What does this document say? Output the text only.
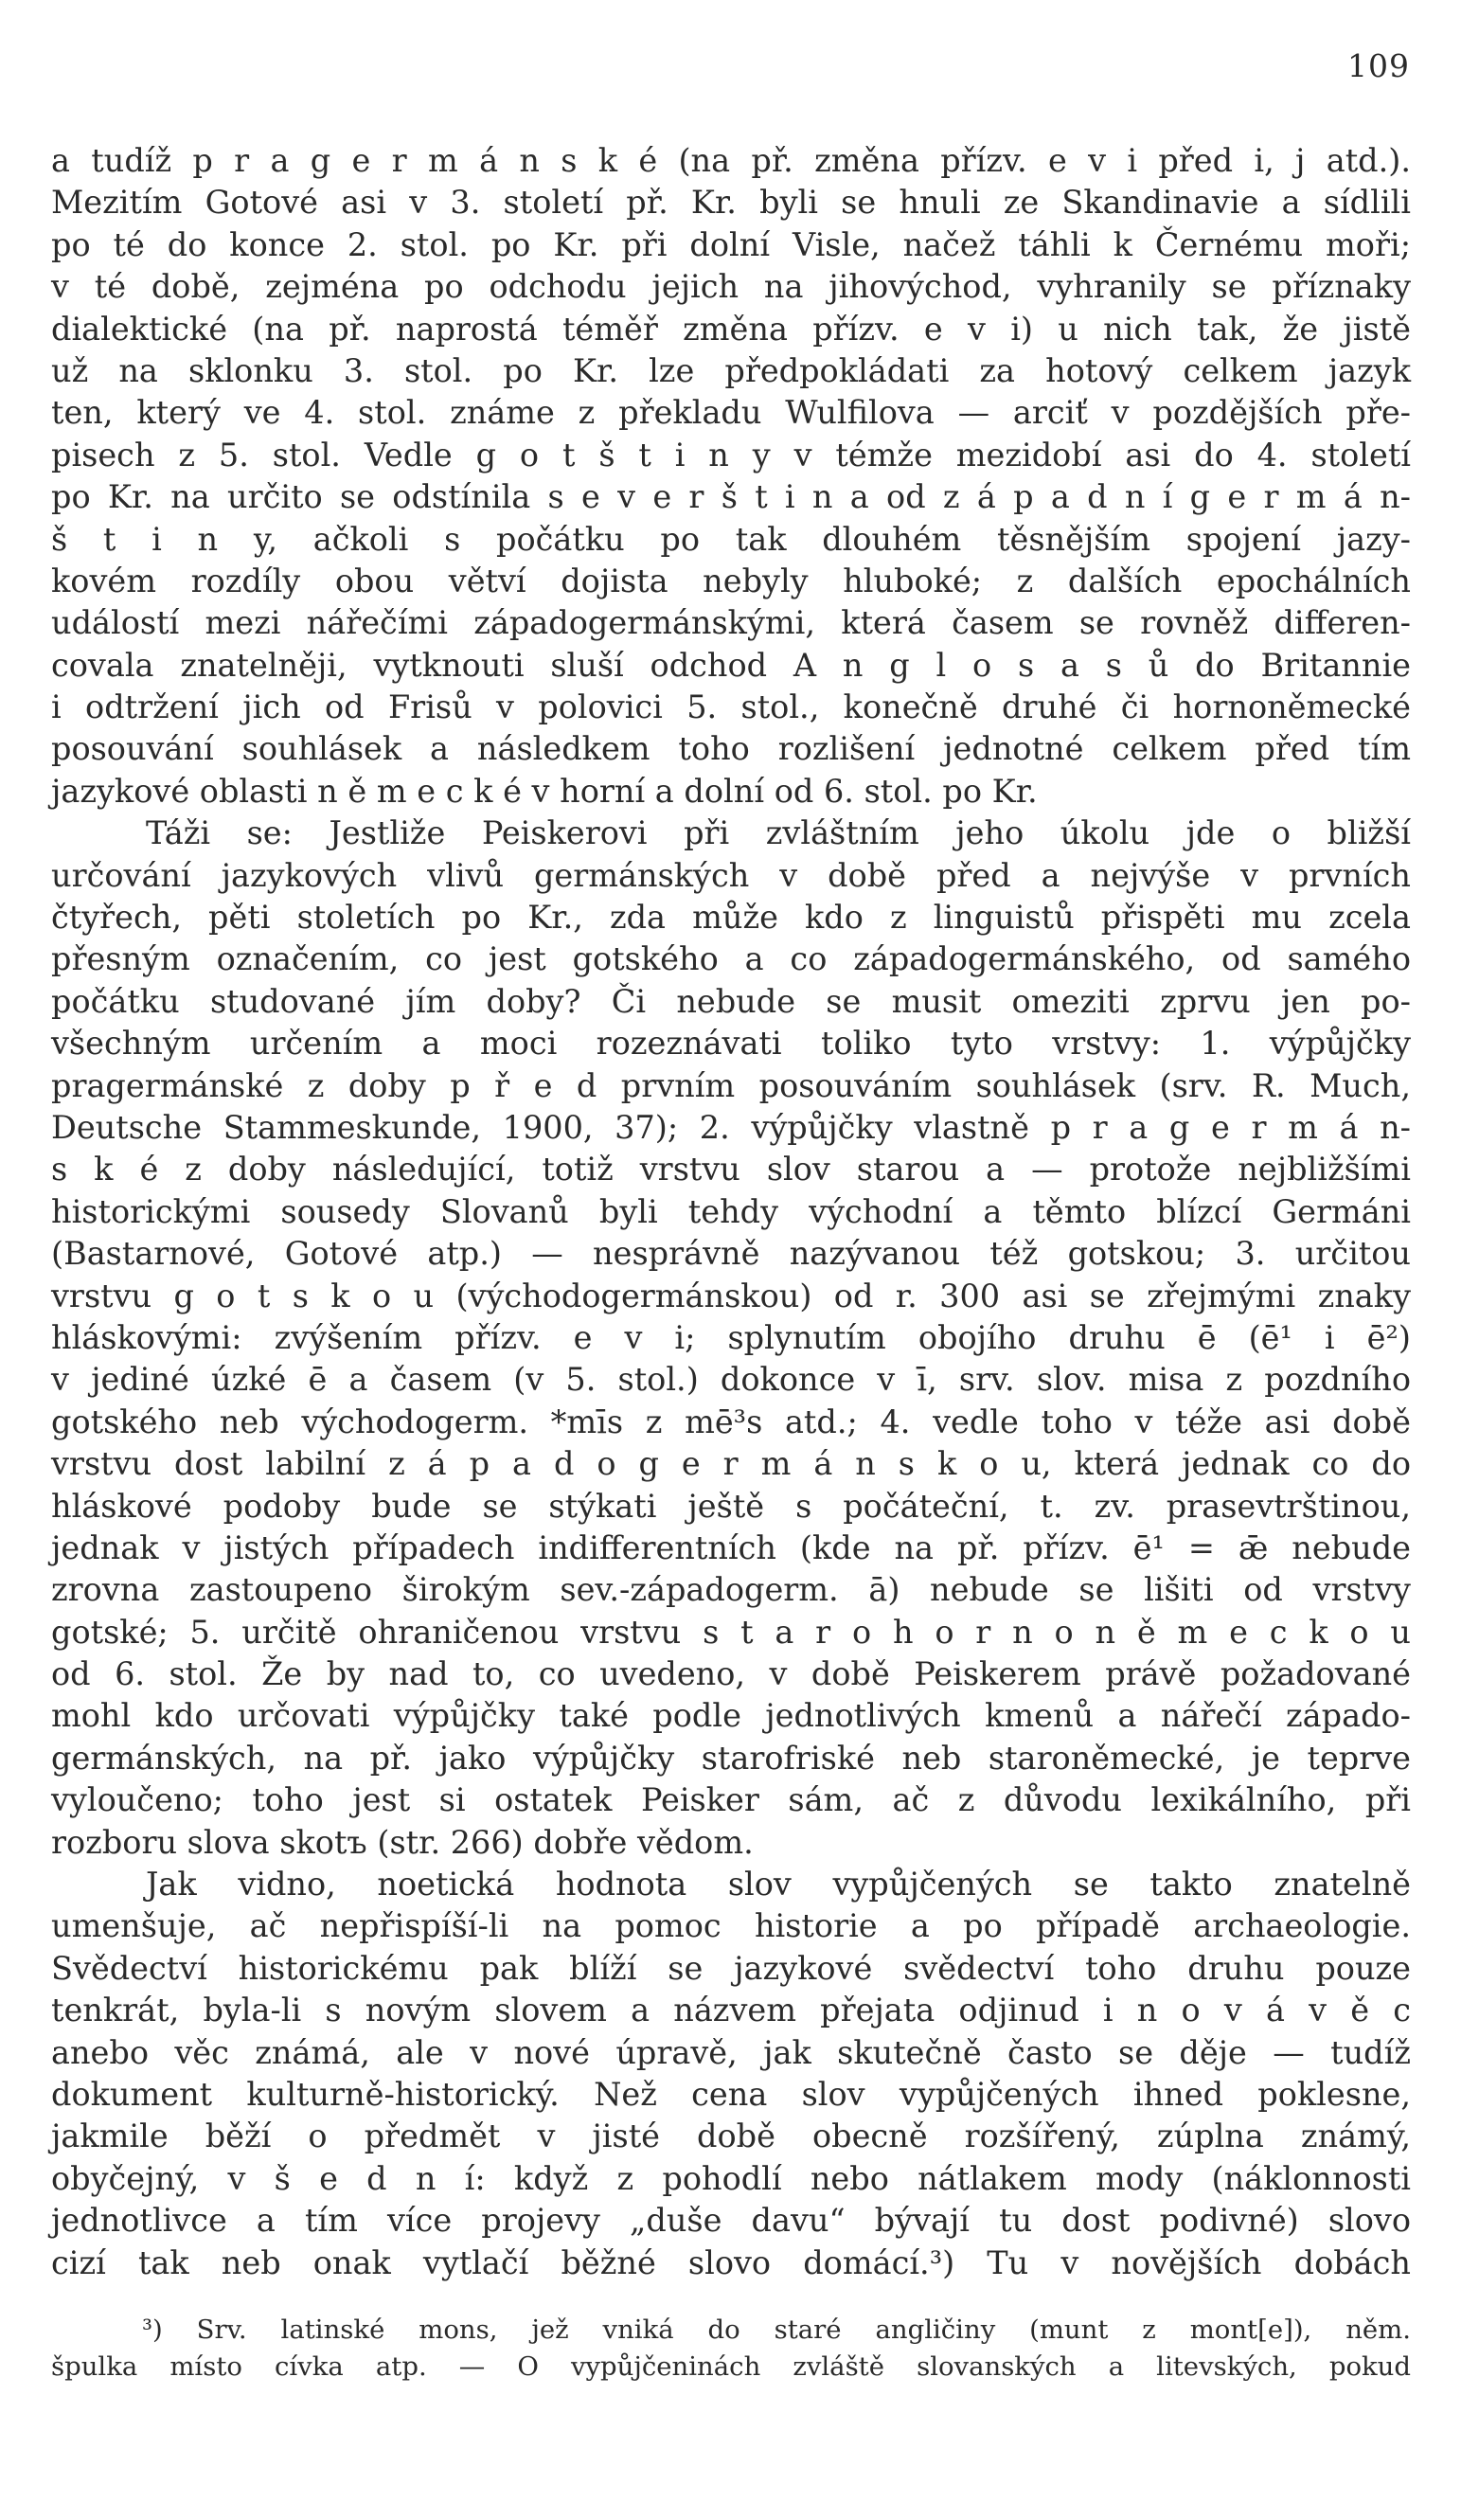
109
a tudíž p r a g e r m á n s k é (na př. změna přízv. e v i před i, j atd.).
Mezitím Gotové asi v 3. století př. Kr. byli se hnuli ze Skandinavie a sídlili
po té do konce 2. stol. po Kr. při dolní Visle, načež táhli k Černému moři;
v té době, zejména po odchodu jejich na jihovýchod, vyhranily se příznaky
dialektické (na př. naprostá téměř změna přízv. e v i) u nich tak, že jistě
už na sklonku 3. stol. po Kr. lze předpokládati za hotový celkem jazyk
ten, který ve 4. stol. známe z překladu Wulfilova — arciť v pozdějších pře-
pisech z 5. stol. Vedle g o t š t i n y v témže mezidobí asi do 4. století
po Kr. na určito se odstínila s e v e r š t i n a od z á p a d n í g e r m á n-
š t i n y, ačkoli s počátku po tak dlouhém těsnějším spojení jazy-
kovém rozdíly obou větví dojista nebyly hluboké; z dalších epochálních
událostí mezi nářečími západogermánskými, která časem se rovněž differen-
covala znatelněji, vytknouti sluší odchod A n g l o s a s ů do Britannie
i odtržení jich od Frisů v polovici 5. stol., konečně druhé či hornoněmecké
posouvání souhlásek a následkem toho rozlišení jednotné celkem před tím
jazykové oblasti n ě m e c k é v horní a dolní od 6. stol. po Kr.
Táži se: Jestliže Peiskerovi při zvláštním jeho úkolu jde o bližší
určování jazykových vlivů germánských v době před a nejvýše v prvních
čtyřech, pěti stoletích po Kr., zda může kdo z linguistů přispěti mu zcela
přesným označením, co jest gotského a co západogermánského, od samého
počátku studované jím doby? Či nebude se musit omeziti zprvu jen po-
všechným určením a moci rozeznávati toliko tyto vrstvy: 1. výpůjčky
pragermánské z doby p ř e d prvním posouváním souhlásek (srv. R. Much,
Deutsche Stammeskunde, 1900, 37); 2. výpůjčky vlastně p r a g e r m á n-
s k é z doby následující, totiž vrstvu slov starou a — protože nejbližšími
historickými sousedy Slovanů byli tehdy východní a těmto blízcí Germáni
(Bastarnové, Gotové atp.) — nesprávně nazývanou též gotskou; 3. určitou
vrstvu g o t s k o u (východogermánskou) od r. 300 asi se zřejmými znaky
hláskovými: zvýšením přízv. e v i; splynutím obojího druhu ē (ē¹ i ē²)
v jediné úzké ē a časem (v 5. stol.) dokonce v ī, srv. slov. misa z pozdního
gotského neb východogerm. *mīs z mē³s atd.; 4. vedle toho v téže asi době
vrstvu dost labilní z á p a d o g e r m á n s k o u, která jednak co do
hláskové podoby bude se stýkati ještě s počáteční, t. zv. prasevtrštinou,
jednak v jistých případech indifferentních (kde na př. přízv. ē¹ = ǣ nebude
zrovna zastoupeno širokým sev.-západogerm. ā) nebude se lišiti od vrstvy
gotské; 5. určitě ohraničenou vrstvu s t a r o h o r n o n ě m e c k o u
od 6. stol. Že by nad to, co uvedeno, v době Peiskerem právě požadované
mohl kdo určovati výpůjčky také podle jednotlivých kmenů a nářečí západo-
germánských, na př. jako výpůjčky starofriské neb staroněmecké, je teprve
vyloučeno; toho jest si ostatek Peisker sám, ač z důvodu lexikálního, při
rozboru slova skotъ (str. 266) dobře vědom.
Jak vidno, noetická hodnota slov vypůjčených se takto znatelně
umenšuje, ač nepřispíší-li na pomoc historie a po případě archaeologie.
Svědectví historickému pak blíží se jazykové svědectví toho druhu pouze
tenkrát, byla-li s novým slovem a názvem přejata odjinud i n o v á v ě c
anebo věc známá, ale v nové úpravě, jak skutečně často se děje — tudíž
dokument kulturně-historický. Než cena slov vypůjčených ihned poklesne,
jakmile běží o předmět v jisté době obecně rozšířený, zúplna známý,
obyčejný, v š e d n í: když z pohodlí nebo nátlakem mody (náklonnosti
jednotlivce a tím více projevy „duše davu“ bývají tu dost podivné) slovo
cizí tak neb onak vytlačí běžné slovo domácí.³) Tu v novějších dobách
³) Srv. latinské mons, jež vniká do staré angličiny (munt z mont[e]), něm.
špulka místo cívka atp. — O vypůjčeninách zvláště slovanských a litevských, pokud
